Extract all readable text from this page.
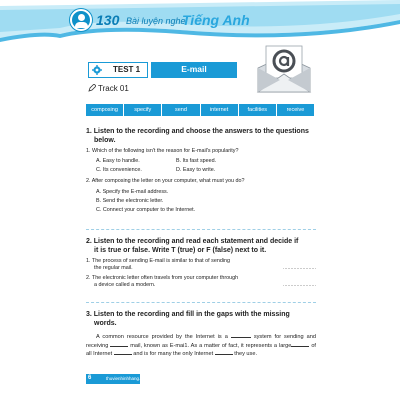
130 Bài luyện nghe
Tiếng Anh
TEST 1	E-mail
Track 01
composing	specify	send	internet	facilities	receive
1. Listen to the recording and choose the answers to the questions
below.
1. Which of the following isn't the reason for E-mail's popularity?
A. Easy to handle.	B. Its fast speed.
C. Its convenience.	D. Easy to write.
2. After composing the letter on your computer, what must you do?
A. Specify the E-mail address.
B. Send the electronic letter.
C. Connect your computer to the Internet.
2. Listen to the recording and read each statement and decide if
it is true or false. Write T (true) or F (false) next to it.
1. The process of sending E-mail is similar to that of sending
the regular mail.	......................
2. The electronic letter often travels from your computer through
a device called a modern.	......................
3. Listen to the recording and fill in the gaps with the missing
words.
A common resource provided by the Internet is a	system for sending and receiving	mail, known as E-mai1. As a matter of fact, it represents a large	of all Internet	and is for many the only Internet	they use.
6	thuvienhinhhang.vn
